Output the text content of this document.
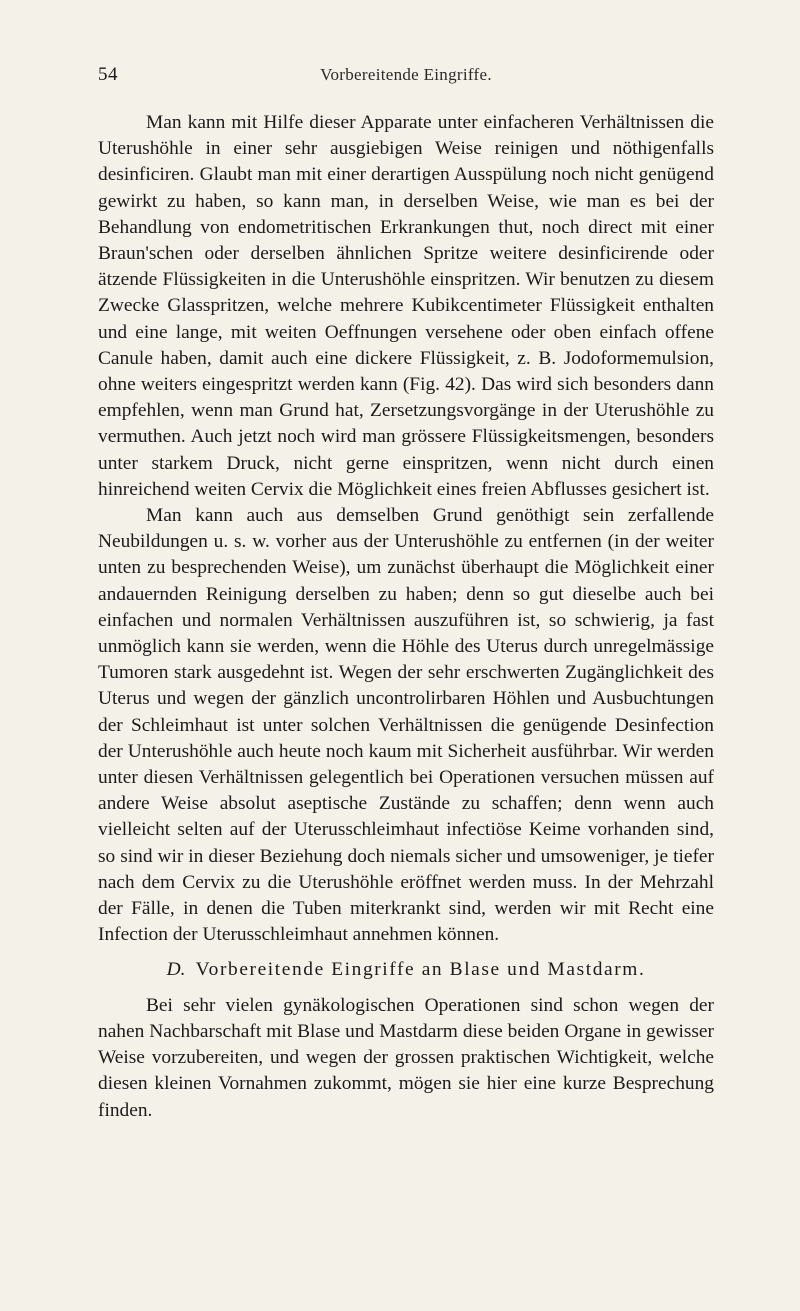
54	Vorbereitende Eingriffe.

Man kann mit Hilfe dieser Apparate unter einfacheren Verhältnissen die Uterushöhle in einer sehr ausgiebigen Weise reinigen und nöthigenfalls desinficiren. Glaubt man mit einer derartigen Ausspülung noch nicht genügend gewirkt zu haben, so kann man, in derselben Weise, wie man es bei der Behandlung von endometritischen Erkrankungen thut, noch direct mit einer Braun'schen oder derselben ähnlichen Spritze weitere desinficirende oder ätzende Flüssigkeiten in die Unterushöhle einspritzen. Wir benutzen zu diesem Zwecke Glasspritzen, welche mehrere Kubikcentimeter Flüssigkeit enthalten und eine lange, mit weiten Oeffnungen versehene oder oben einfach offene Canule haben, damit auch eine dickere Flüssigkeit, z. B. Jodoformemulsion, ohne weiters eingespritzt werden kann (Fig. 42). Das wird sich besonders dann empfehlen, wenn man Grund hat, Zersetzungsvorgänge in der Uterushöhle zu vermuthen. Auch jetzt noch wird man grössere Flüssigkeitsmengen, besonders unter starkem Druck, nicht gerne einspritzen, wenn nicht durch einen hinreichend weiten Cervix die Möglichkeit eines freien Abflusses gesichert ist.

Man kann auch aus demselben Grund genöthigt sein zerfallende Neubildungen u. s. w. vorher aus der Unterushöhle zu entfernen (in der weiter unten zu besprechenden Weise), um zunächst überhaupt die Möglichkeit einer andauernden Reinigung derselben zu haben; denn so gut dieselbe auch bei einfachen und normalen Verhältnissen auszuführen ist, so schwierig, ja fast unmöglich kann sie werden, wenn die Höhle des Uterus durch unregelmässige Tumoren stark ausgedehnt ist. Wegen der sehr erschwerten Zugänglichkeit des Uterus und wegen der gänzlich uncontrolirbaren Höhlen und Ausbuchtungen der Schleimhaut ist unter solchen Verhältnissen die genügende Desinfection der Unterushöhle auch heute noch kaum mit Sicherheit ausführbar. Wir werden unter diesen Verhältnissen gelegentlich bei Operationen versuchen müssen auf andere Weise absolut aseptische Zustände zu schaffen; denn wenn auch vielleicht selten auf der Uterusschleimhaut infectiöse Keime vorhanden sind, so sind wir in dieser Beziehung doch niemals sicher und umsoweniger, je tiefer nach dem Cervix zu die Uterushöhle eröffnet werden muss. In der Mehrzahl der Fälle, in denen die Tuben miterkrankt sind, werden wir mit Recht eine Infection der Uterusschleimhaut annehmen können.

D. Vorbereitende Eingriffe an Blase und Mastdarm.

Bei sehr vielen gynäkologischen Operationen sind schon wegen der nahen Nachbarschaft mit Blase und Mastdarm diese beiden Organe in gewisser Weise vorzubereiten, und wegen der grossen praktischen Wichtigkeit, welche diesen kleinen Vornahmen zukommt, mögen sie hier eine kurze Besprechung finden.
